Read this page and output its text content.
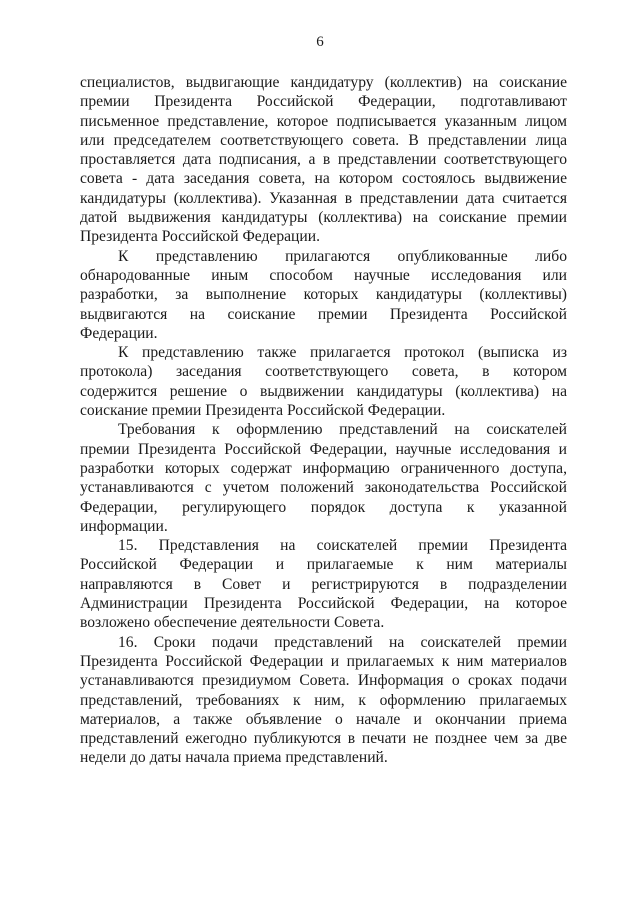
6

специалистов, выдвигающие кандидатуру (коллектив) на соискание
премии Президента Российской Федерации, подготавливают
письменное представление, которое подписывается указанным лицом
или председателем соответствующего совета. В представлении лица
проставляется дата подписания, а в представлении соответствующего
совета - дата заседания совета, на котором состоялось выдвижение
кандидатуры (коллектива). Указанная в представлении дата считается
датой выдвижения кандидатуры (коллектива) на соискание премии
Президента Российской Федерации.

К представлению прилагаются опубликованные либо
обнародованные иным способом научные исследования или
разработки, за выполнение которых кандидатуры (коллективы)
выдвигаются на соискание премии Президента Российской
Федерации.

К представлению также прилагается протокол (выписка из
протокола) заседания соответствующего совета, в котором
содержится решение о выдвижении кандидатуры (коллектива) на
соискание премии Президента Российской Федерации.

Требования к оформлению представлений на соискателей
премии Президента Российской Федерации, научные исследования и
разработки которых содержат информацию ограниченного доступа,
устанавливаются с учетом положений законодательства Российской
Федерации, регулирующего порядок доступа к указанной
информации.

15. Представления на соискателей премии Президента
Российской Федерации и прилагаемые к ним материалы
направляются в Совет и регистрируются в подразделении
Администрации Президента Российской Федерации, на которое
возложено обеспечение деятельности Совета.

16. Сроки подачи представлений на соискателей премии
Президента Российской Федерации и прилагаемых к ним материалов
устанавливаются президиумом Совета. Информация о сроках подачи
представлений, требованиях к ним, к оформлению прилагаемых
материалов, а также объявление о начале и окончании приема
представлений ежегодно публикуются в печати не позднее чем за две
недели до даты начала приема представлений.
